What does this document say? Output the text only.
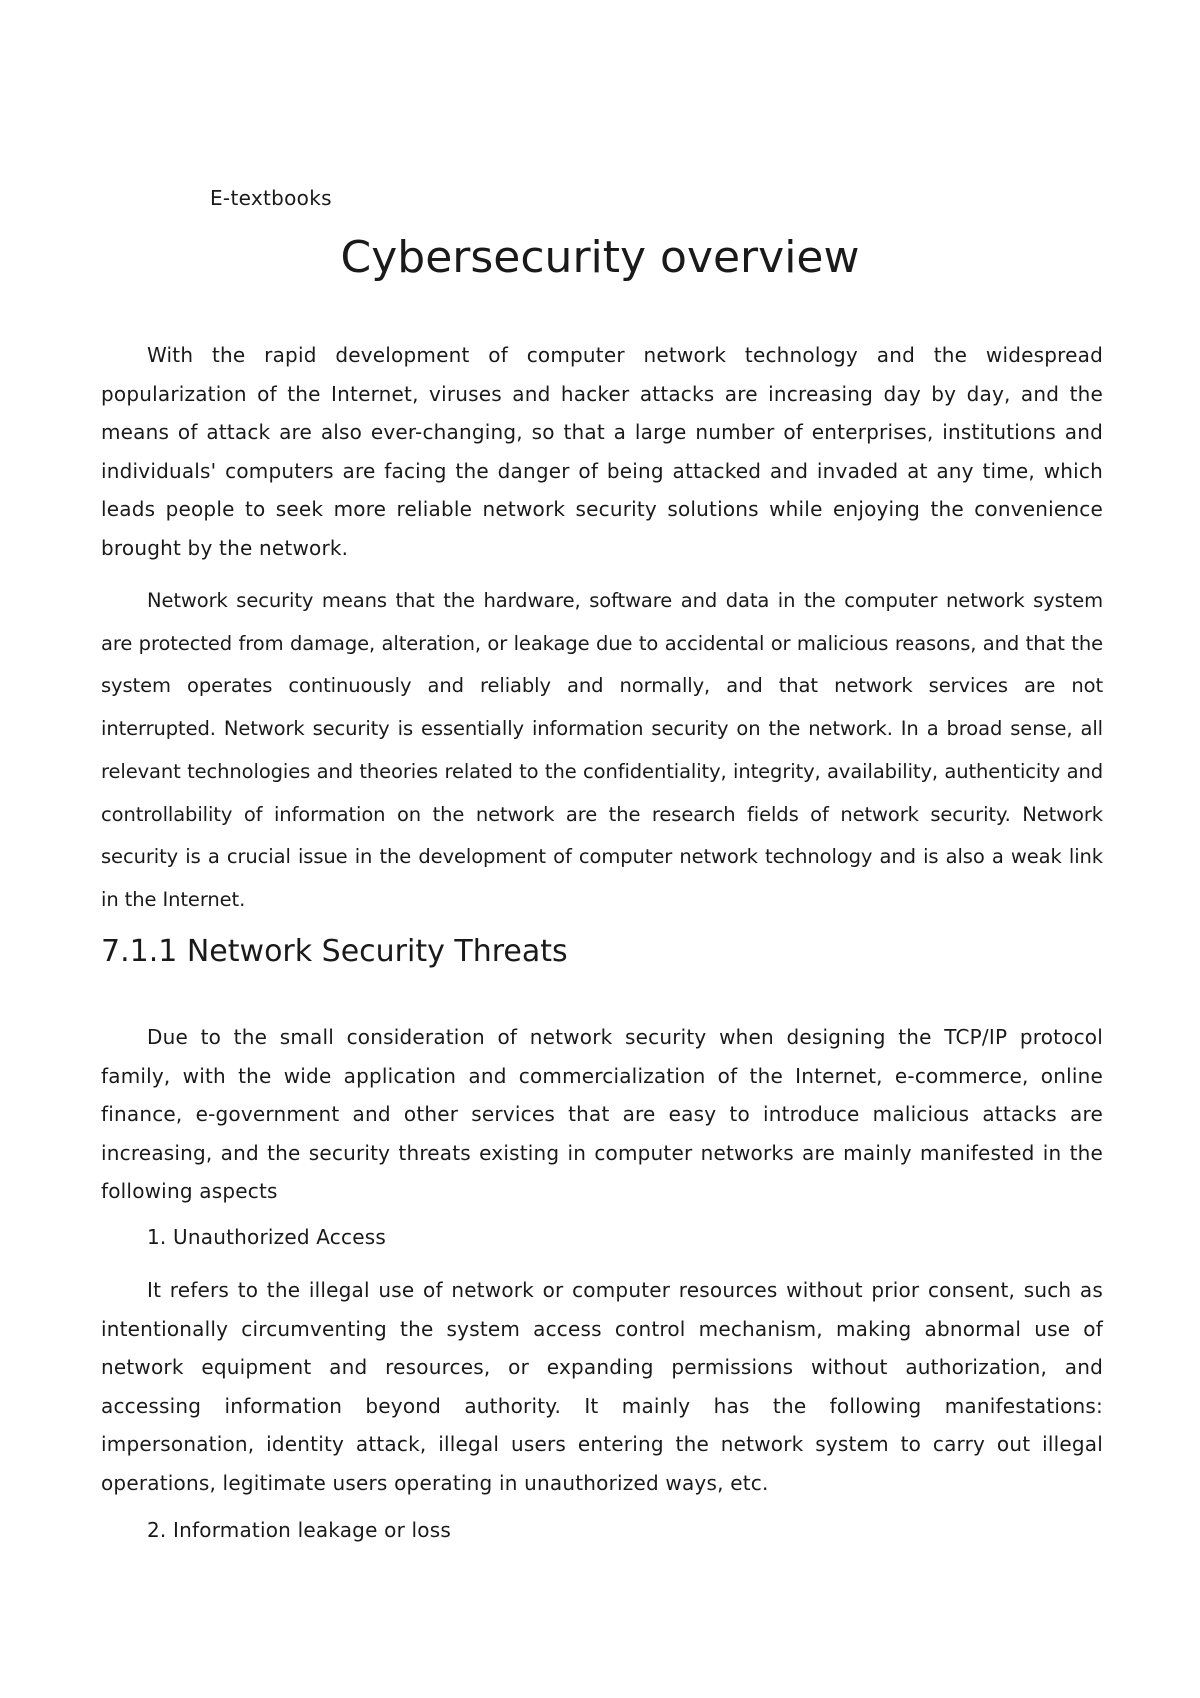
E-textbooks
Cybersecurity overview

With the rapid development of computer network technology and the widespread popularization of the Internet, viruses and hacker attacks are increasing day by day, and the means of attack are also ever-changing, so that a large number of enterprises, institutions and individuals' computers are facing the danger of being attacked and invaded at any time, which leads people to seek more reliable network security solutions while enjoying the convenience brought by the network.

Network security means that the hardware, software and data in the computer network system are protected from damage, alteration, or leakage due to accidental or malicious reasons, and that the system operates continuously and reliably and normally, and that network services are not interrupted. Network security is essentially information security on the network. In a broad sense, all relevant technologies and theories related to the confidentiality, integrity, availability, authenticity and controllability of information on the network are the research fields of network security. Network security is a crucial issue in the development of computer network technology and is also a weak link in the Internet.

7.1.1 Network Security Threats

Due to the small consideration of network security when designing the TCP/IP protocol family, with the wide application and commercialization of the Internet, e-commerce, online finance, e-government and other services that are easy to introduce malicious attacks are increasing, and the security threats existing in computer networks are mainly manifested in the following aspects

1. Unauthorized Access

It refers to the illegal use of network or computer resources without prior consent, such as intentionally circumventing the system access control mechanism, making abnormal use of network equipment and resources, or expanding permissions without authorization, and accessing information beyond authority. It mainly has the following manifestations: impersonation, identity attack, illegal users entering the network system to carry out illegal operations, legitimate users operating in unauthorized ways, etc.

2. Information leakage or loss
